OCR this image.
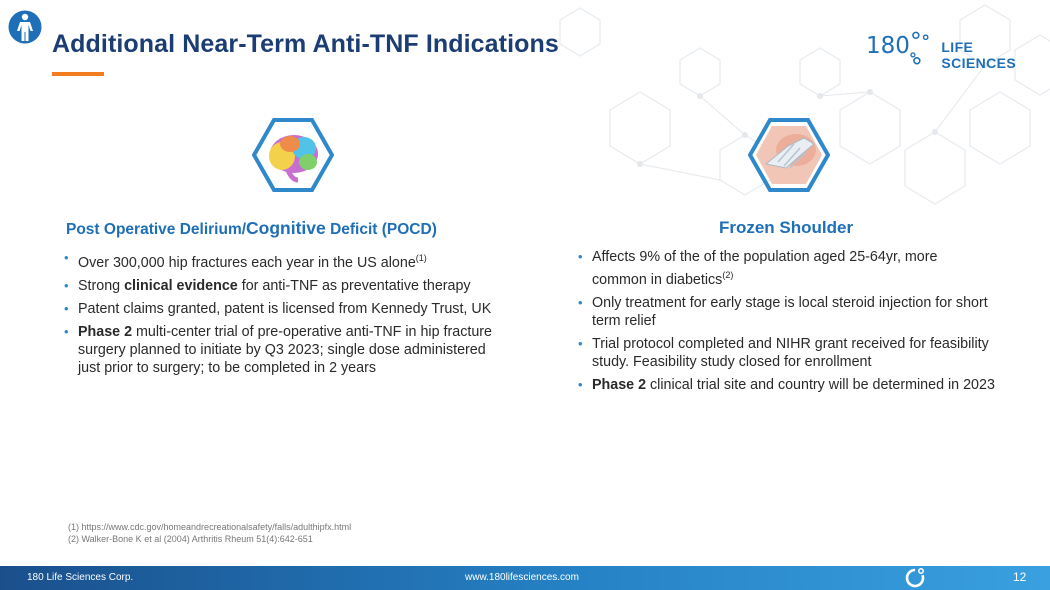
Additional Near-Term Anti-TNF Indications	180 LIFE SCIENCES
Post Operative Delirium/Cognitive Deficit (POCD)
• Over 300,000 hip fractures each year in the US alone$^{(1)}$
• Strong clinical evidence for anti-TNF as preventative therapy
• Patent claims granted, patent is licensed from Kennedy Trust, UK
• Phase 2 multi-center trial of pre-operative anti-TNF in hip fracture surgery planned to initiate by Q3 2023; single dose administered just prior to surgery; to be completed in 2 years
Frozen Shoulder
• Affects 9% of the of the population aged 25-64yr, more common in diabetics$^{(2)}$
• Only treatment for early stage is local steroid injection for short term relief
• Trial protocol completed and NIHR grant received for feasibility study. Feasibility study closed for enrollment
• Phase 2 clinical trial site and country will be determined in 2023
(1) https://www.cdc.gov/homeandrecreationalsafety/falls/adulthipfx.html
(2) Walker-Bone K et al (2004) Arthritis Rheum 51(4):642-651
180 Life Sciences Corp.	www.180lifesciences.com	12
